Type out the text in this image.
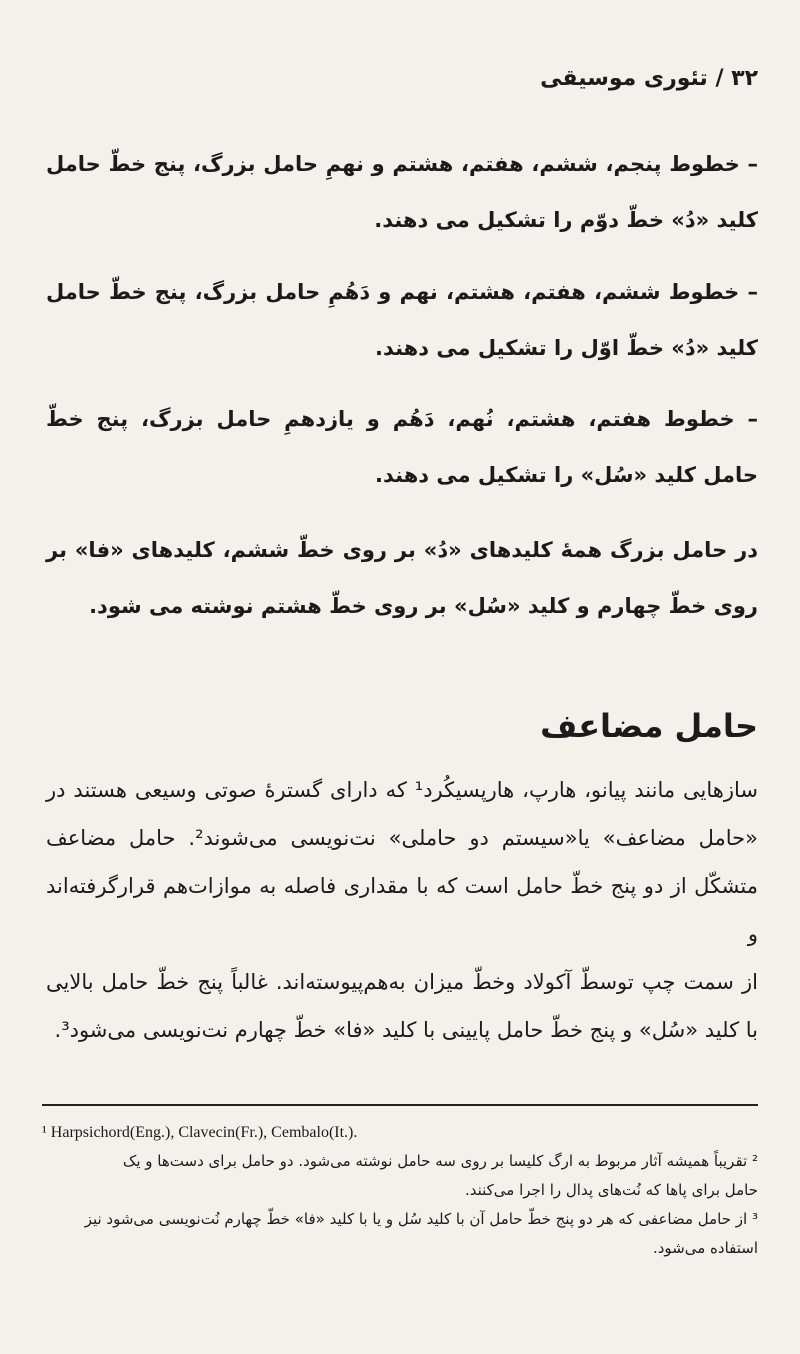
۳۲ / تئوری موسیقی
– خطوط پنجم، ششم، هفتم، هشتم و نهمِ حامل بزرگ، پنج خطّ حامل کلید «دُ» خطّ دوّم را تشکیل می دهند.
– خطوط ششم، هفتم، هشتم، نهم و دَهُمِ حامل بزرگ، پنج خطّ حامل کلید «دُ» خطّ اوّل را تشکیل می دهند.
– خطوط هفتم، هشتم، نُهم، دَهُم و یازدهمِ حامل بزرگ، پنج خطّ حامل کلید «سُل» را تشکیل می دهند.
در حامل بزرگ همهٔ کلیدهای «دُ» بر روی خطّ ششم، کلیدهای «فا» بر روی خطّ چهارم و کلید «سُل» بر روی خطّ هشتم نوشته می شود.
حامل مضاعف
سازهایی مانند پیانو، هارپ، هارپسیکُرد¹ که دارای گسترهٔ صوتی وسیعی هستند در
«حامل مضاعف» یا«سیستم دو حاملی» نت‌نویسی می‌شوند². حامل مضاعف
متشکّل از دو پنج خطّ حامل است که با مقداری فاصله به موازات‌هم قرارگرفته‌اند و
از سمت چپ توسطّ آکولاد وخطّ میزان به‌هم‌پیوسته‌اند. غالباً پنج خطّ حامل بالایی
با کلید «سُل» و پنج خطّ حامل پایینی با کلید «فا» خطّ چهارم نت‌نویسی می‌شود³.
¹ Harpsichord(Eng.), Clavecin(Fr.), Cembalo(It.).
² تقریباً همیشه آثار مربوط به ارگ کلیسا بر روی سه حامل نوشته می‌شود. دو حامل برای دست‌ها و یک
حامل برای پاها که نُت‌های پدال را اجرا می‌کنند.
³ از حامل مضاعفی که هر دو پنج خطّ حامل آن با کلید سُل و یا با کلید «فا» خطّ چهارم نُت‌نویسی می‌شود نیز استفاده می‌شود.
